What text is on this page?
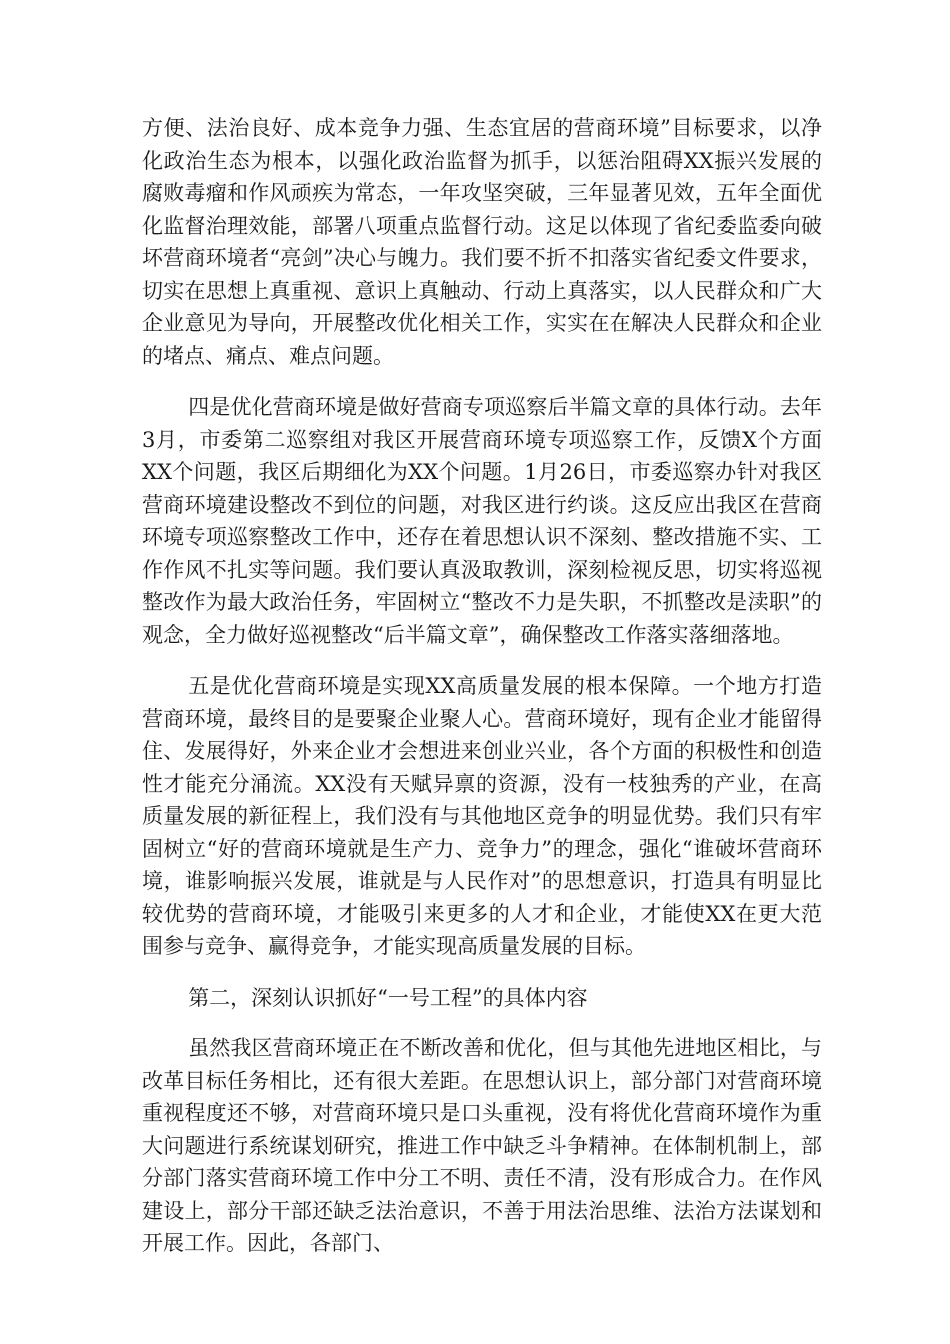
方便、法治良好、成本竞争力强、生态宜居的营商环境”目标要求，以净化政治生态为根本，以强化政治监督为抓手，以惩治阻碍XX振兴发展的腐败毒瘤和作风顽疾为常态，一年攻坚突破，三年显著见效，五年全面优化监督治理效能，部署八项重点监督行动。这足以体现了省纪委监委向破坏营商环境者“亮剑”决心与魄力。我们要不折不扣落实省纪委文件要求，切实在思想上真重视、意识上真触动、行动上真落实，以人民群众和广大企业意见为导向，开展整改优化相关工作，实实在在解决人民群众和企业的堵点、痛点、难点问题。

四是优化营商环境是做好营商专项巡察后半篇文章的具体行动。去年3月，市委第二巡察组对我区开展营商环境专项巡察工作，反馈X个方面XX个问题，我区后期细化为XX个问题。1月26日，市委巡察办针对我区营商环境建设整改不到位的问题，对我区进行约谈。这反应出我区在营商环境专项巡察整改工作中，还存在着思想认识不深刻、整改措施不实、工作作风不扎实等问题。我们要认真汲取教训，深刻检视反思，切实将巡视整改作为最大政治任务，牢固树立“整改不力是失职，不抓整改是渎职”的观念，全力做好巡视整改“后半篇文章”，确保整改工作落实落细落地。

五是优化营商环境是实现XX高质量发展的根本保障。一个地方打造营商环境，最终目的是要聚企业聚人心。营商环境好，现有企业才能留得住、发展得好，外来企业才会想进来创业兴业，各个方面的积极性和创造性才能充分涌流。XX没有天赋异禀的资源，没有一枝独秀的产业，在高质量发展的新征程上，我们没有与其他地区竞争的明显优势。我们只有牢固树立“好的营商环境就是生产力、竞争力”的理念，强化“谁破坏营商环境，谁影响振兴发展，谁就是与人民作对”的思想意识，打造具有明显比较优势的营商环境，才能吸引来更多的人才和企业，才能使XX在更大范围参与竞争、赢得竞争，才能实现高质量发展的目标。

第二，深刻认识抓好“一号工程”的具体内容

虽然我区营商环境正在不断改善和优化，但与其他先进地区相比，与改革目标任务相比，还有很大差距。在思想认识上，部分部门对营商环境重视程度还不够，对营商环境只是口头重视，没有将优化营商环境作为重大问题进行系统谋划研究，推进工作中缺乏斗争精神。在体制机制上，部分部门落实营商环境工作中分工不明、责任不清，没有形成合力。在作风建设上，部分干部还缺乏法治意识，不善于用法治思维、法治方法谋划和开展工作。因此，各部门、
